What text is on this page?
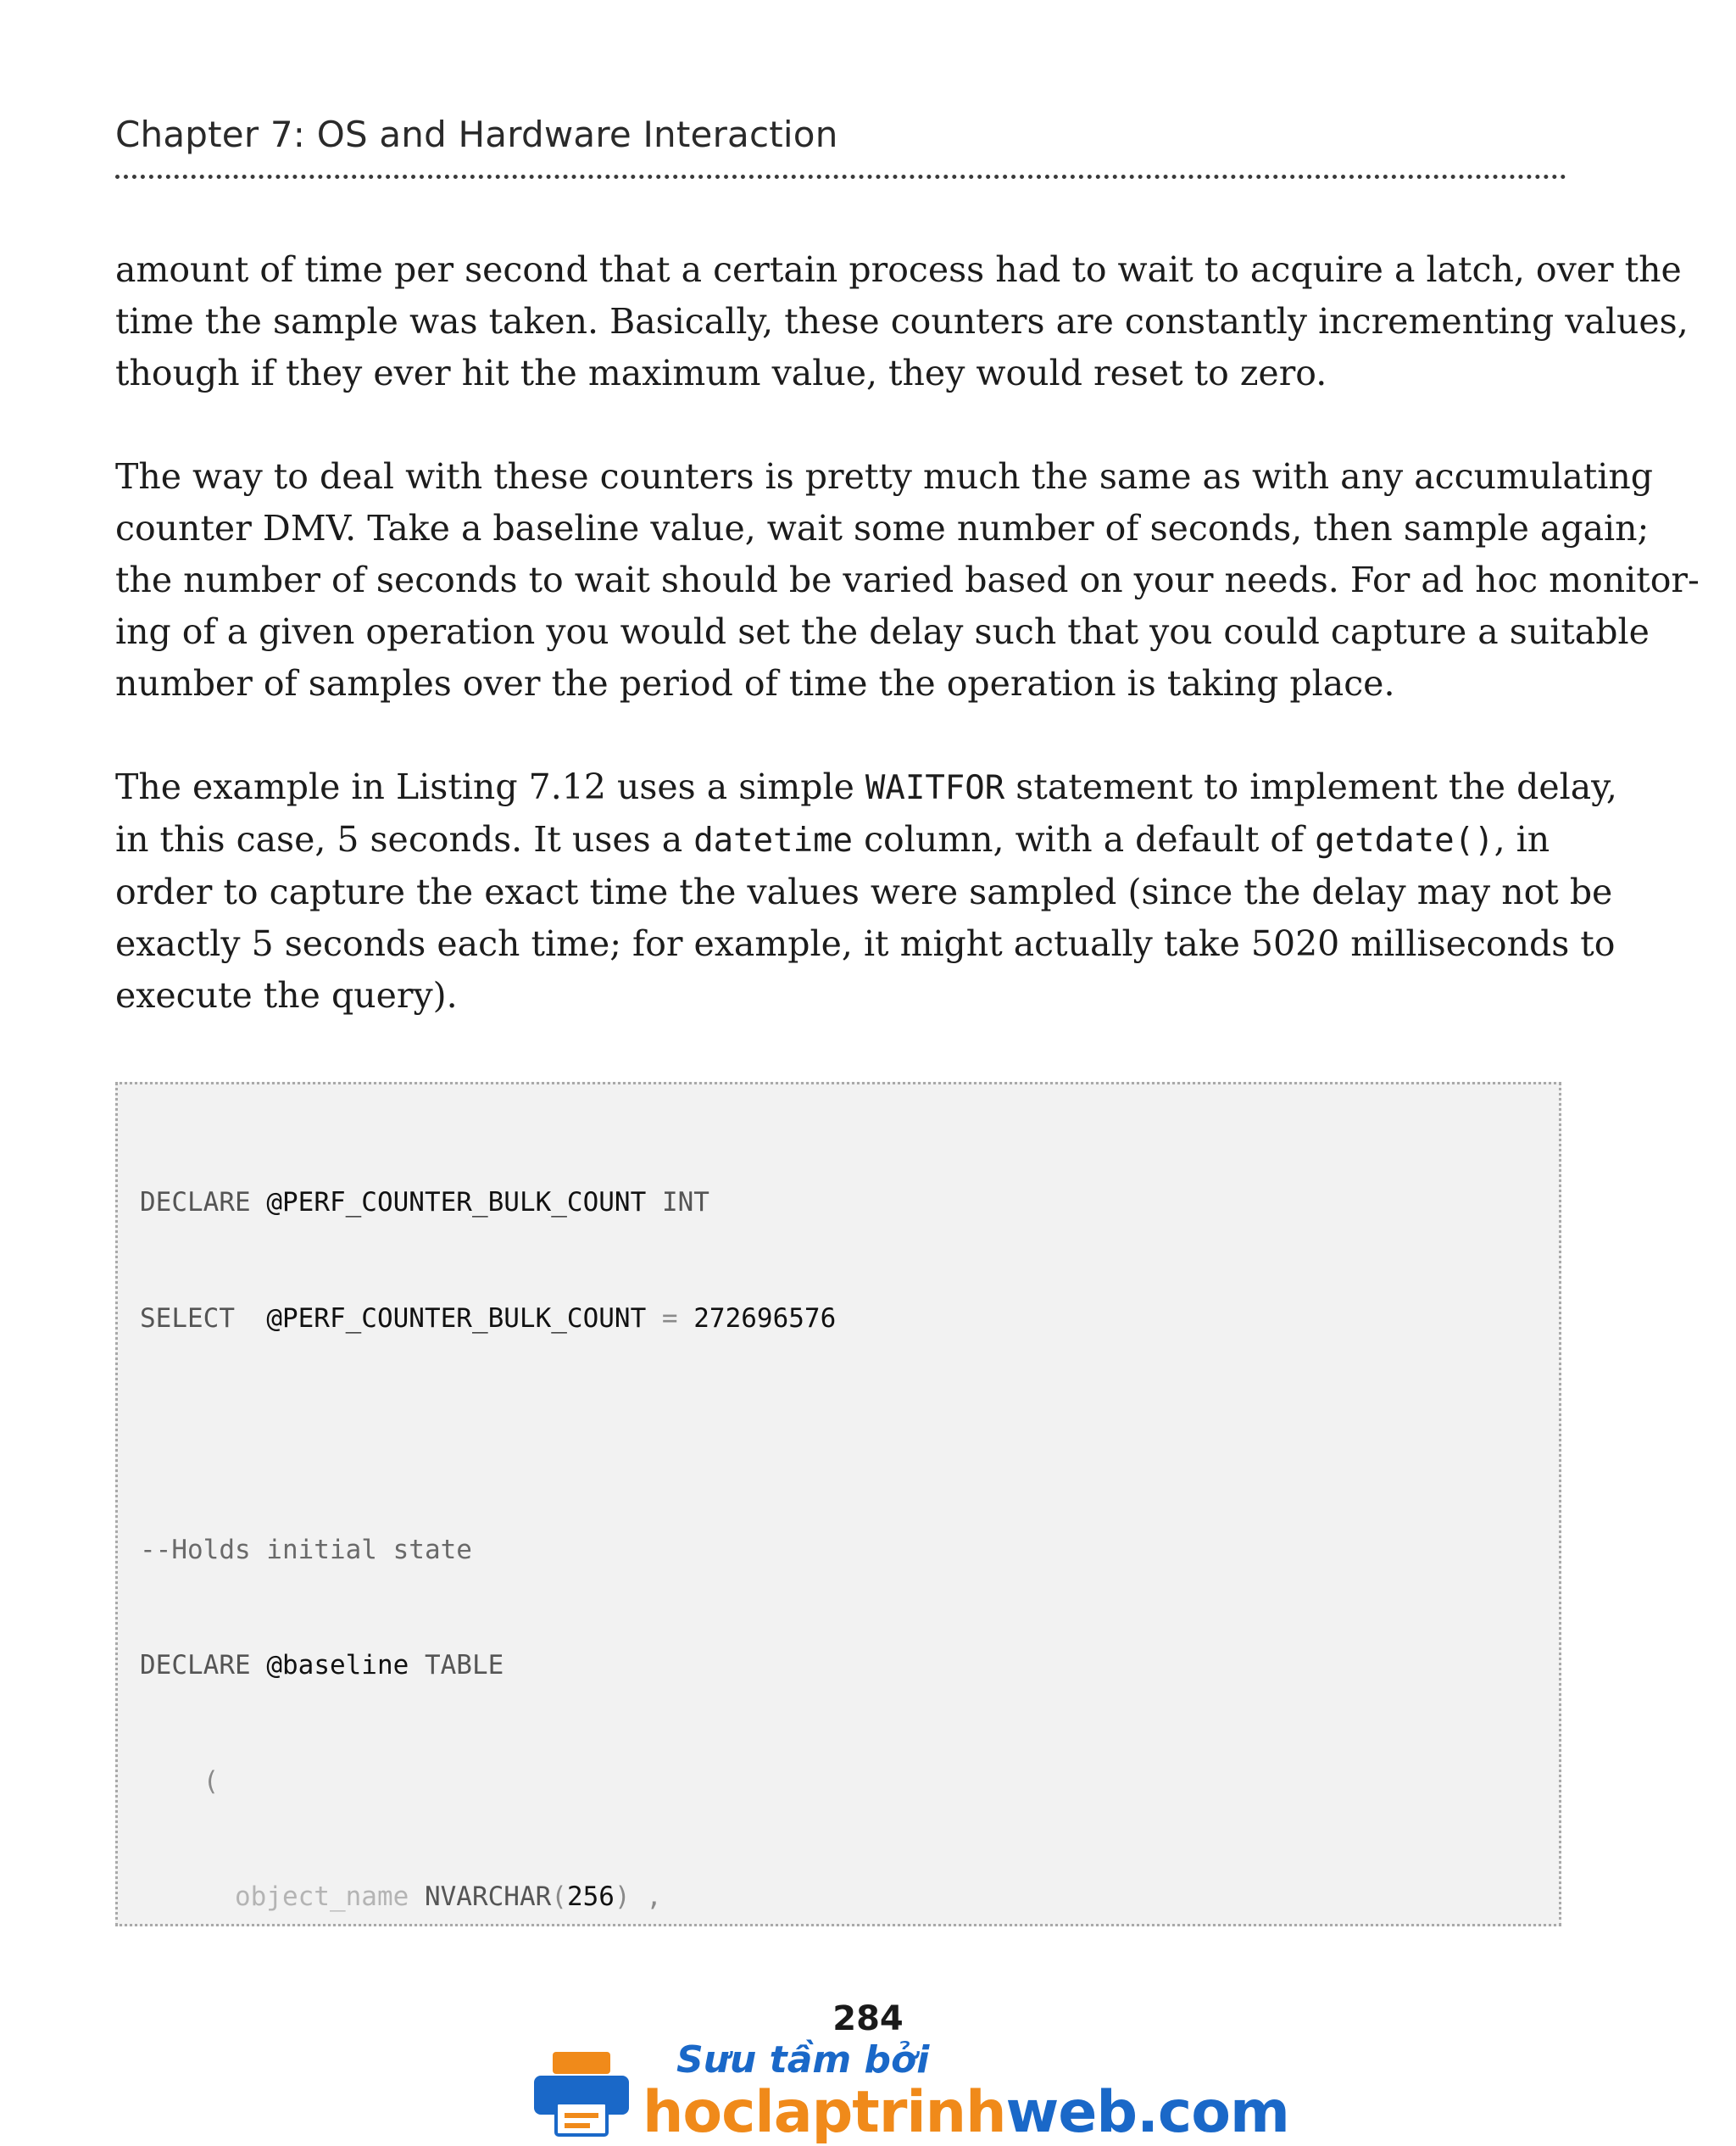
Chapter 7: OS and Hardware Interaction
amount of time per second that a certain process had to wait to acquire a latch, over the
time the sample was taken. Basically, these counters are constantly incrementing values,
though if they ever hit the maximum value, they would reset to zero.
The way to deal with these counters is pretty much the same as with any accumulating
counter DMV. Take a baseline value, wait some number of seconds, then sample again;
the number of seconds to wait should be varied based on your needs. For ad hoc monitor-
ing of a given operation you would set the delay such that you could capture a suitable
number of samples over the period of time the operation is taking place.
The example in Listing 7.12 uses a simple WAITFOR statement to implement the delay,
in this case, 5 seconds. It uses a datetime column, with a default of getdate(), in
order to capture the exact time the values were sampled (since the delay may not be
exactly 5 seconds each time; for example, it might actually take 5020 milliseconds to
execute the query).

DECLARE @PERF_COUNTER_BULK_COUNT INT

SELECT @PERF_COUNTER_BULK_COUNT = 272696576

--Holds initial state

DECLARE @baseline TABLE

(

object_name NVARCHAR(256) ,

284
Sưu tầm bởi
hoclaptrinhweb.com
